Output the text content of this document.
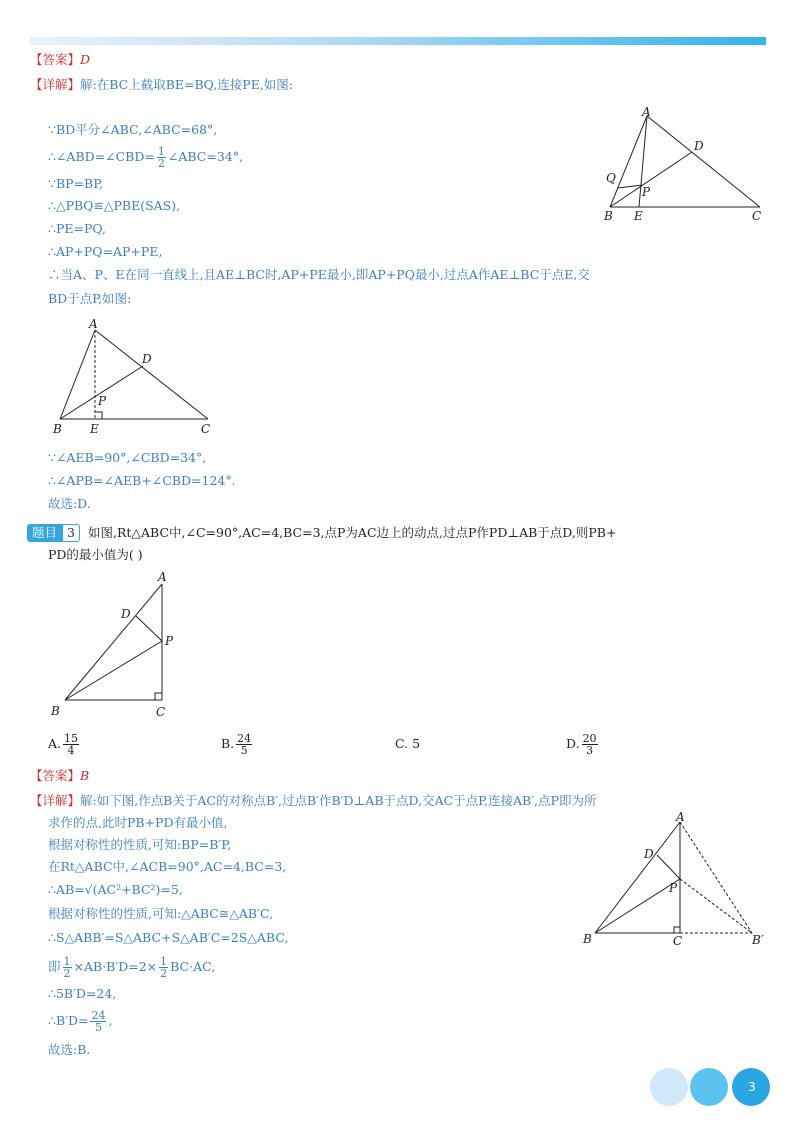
【答案】D
【详解】解:在BC上截取BE=BQ,连接PE,如图:
∵BD平分∠ABC,∠ABC=68°,
∴∠ABD=∠CBD= $\frac{1}{2}$ ∠ABC=34°,
∵BP=BP,
∴△PBQ≌△PBE(SAS),
∴PE=PQ,
∴AP+PQ=AP+PE,
∴当A、P、E在同一直线上,且AE⊥BC时,AP+PE最小,即AP+PQ最小,过点A作AE⊥BC于点E,交
BD于点P,如图:
A
D
Q
P
B E	C
A
D
P
B E	C
∵∠AEB=90°,∠CBD=34°,
∴∠APB=∠AEB+∠CBD=124°.
故选:D.
题目 3	如图,Rt△ABC中,∠C=90°,AC=4,BC=3,点P为AC边上的动点,过点P作PD⊥AB于点D,则PB+
PD的最小值为( )
A
D
P
B	C
A. $\frac{15}{4}$	B. $\frac{24}{5}$	C. 5	D. $\frac{20}{3}$
【答案】B
【详解】解:如下图,作点B关于AC的对称点B′,过点B′作B′D⊥AB于点D,交AC于点P,连接AB′,点P即为所
求作的点,此时PB+PD有最小值,
根据对称性的性质,可知:BP=B′P,
在Rt△ABC中,∠ACB=90°,AC=4,BC=3,
∴AB=√(AC²+BC²)=5,
根据对称性的性质,可知:△ABC≅△AB′C,
∴S△ABB′=S△ABC+S△AB′C=2S△ABC,
即 $\frac{1}{2} \times AB\cdot B'D=2\times \frac{1}{2} BC\cdot AC$,
∴5B′D=24,
∴B′D= $\frac{24}{5}$ ,
故选:B.
A
D
P
B	C	B′
3
